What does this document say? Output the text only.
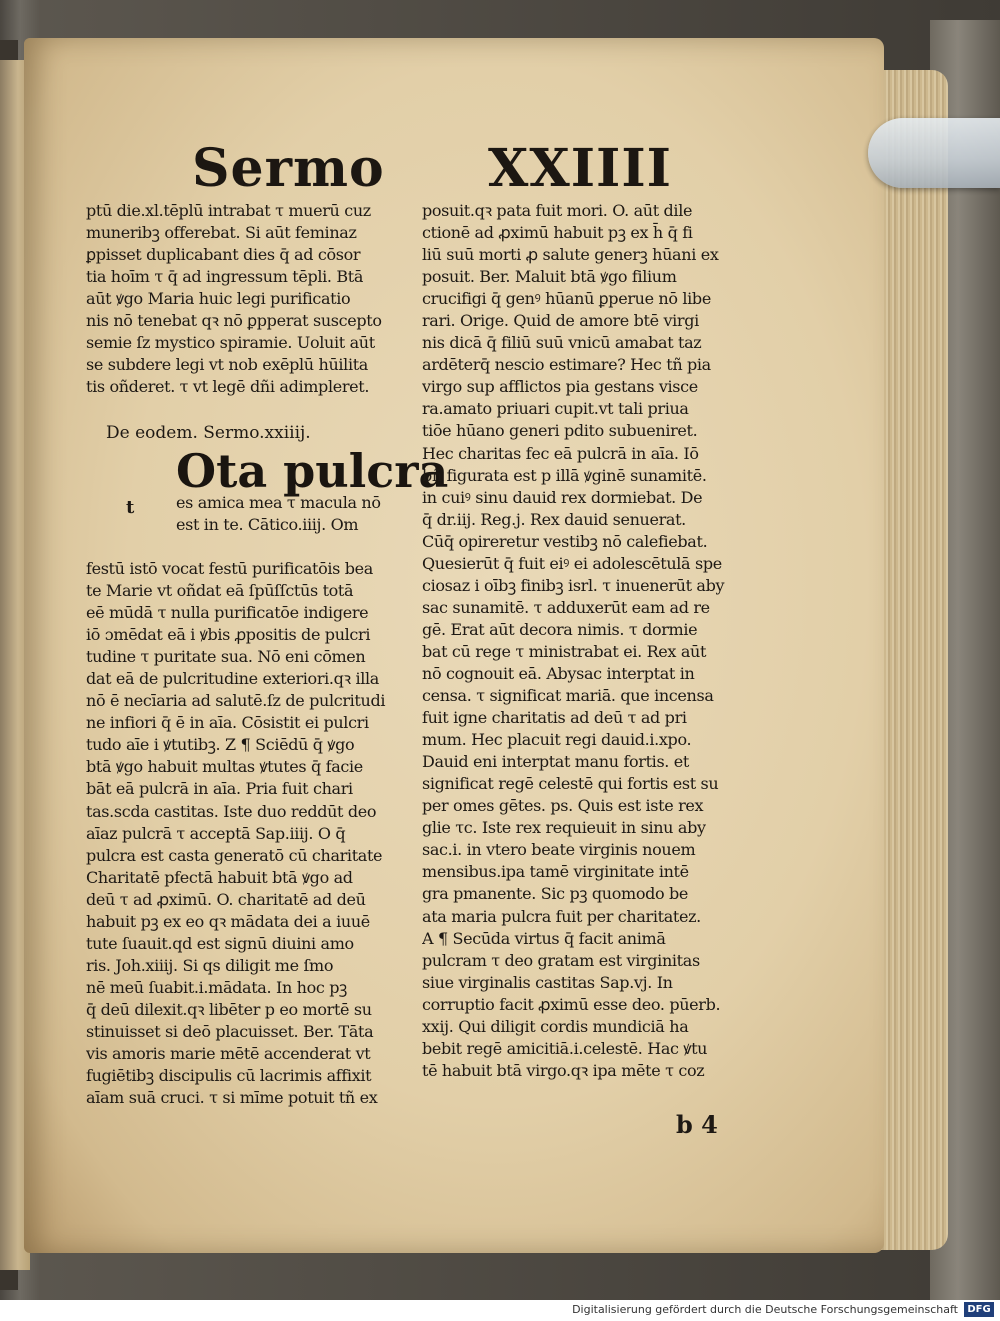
Sermo XXIIII
ptū die.xl.tēplū intrabat τ muerū cuz
muneribꝫ offerebat. Si aūt feminaz
ꝑpisset duplicabant dies q̄ ad cōsor
tia hoīm τ q̄ ad ingressum tēpli. Btā
aūt ꝟgo Maria huic legi purificatio
nis nō tenebat qꝛ nō ꝑpperat suscepto
semie ſz mystico spiramie. Uoluit aūt
se subdere legi vt nob exēplū hūilita
tis oñderet. τ vt legē dñi adimpleret.
De eodem. Sermo.xxiiij.
Ota pulcra
t	es amica mea τ macula nō
est in te. Cātico.iiij. Om
festū istō vocat festū purificatōis bea
te Marie vt oñdat eā ſpūſſctūs totā
eē mūdā τ nulla purificatōe indigere
iō ɔmēdat eā i ꝟbis ꝓpositis de pulcri
tudine τ puritate sua. Nō eni cōmen
dat eā de pulcritudine exteriori.qꝛ illa
nō ē necīaria ad salutē.ſz de pulcritudi
ne infiori q̄ ē in aīa. Cōsistit ei pulcri
tudo aīe i ꝟtutibꝫ. Z ¶ Sciēdū q̄ ꝟgo
btā ꝟgo habuit multas ꝟtutes q̄ facie
bāt eā pulcrā in aīa. Pria fuit chari
tas.scda castitas. Iste duo reddūt deo
aīaz pulcrā τ acceptā Sap.iiij. O q̄
pulcra est casta generatō cū charitate
Charitatē pfectā habuit btā ꝟgo ad
deū τ ad ꝓximū. O. charitatē ad deū
habuit pꝫ ex eo qꝛ mādata dei a iuuē
tute ſuauit.qd est signū diuini amo
ris. Joh.xiiij. Si qs diligit me ſmo
nē meū ſuabit.i.mādata. In hoc pꝫ
q̄ deū dilexit.qꝛ libēter p eo mortē su
stinuisset si deō placuisset. Ber. Tāta
vis amoris marie mētē accenderat vt
fugiētibꝫ discipulis cū lacrimis affixit
aīam suā cruci. τ si mīme potuit tñ ex
posuit.qꝛ pata fuit mori. O. aūt dile
ctionē ad ꝓximū habuit pꝫ ex h̄ q̄ fi
liū suū morti ꝓ salute generꝫ hūani ex
posuit. Ber. Maluit btā ꝟgo filium
crucifigi q̄ genꝰ hūanū ꝑperue nō libe
rari. Orige. Quid de amore btē virgi
nis dicā q̄ filiū suū vnicū amabat taz
ardēterq̄ nescio estimare? Hec tñ pia
virgo sup afflictos pia gestans visce
ra.amato priuari cupit.vt tali priua
tiōe hūano generi pdito subueniret.
Hec charitas fec eā pulcrā in aīa. Iō
bñ figurata est p illā ꝟginē sunamitē.
in cuiꝰ sinu dauid rex dormiebat. De
q̄ dr.iij. Reg.j. Rex dauid senuerat.
Cūq̄ opireretur vestibꝫ nō calefiebat.
Quesierūt q̄ fuit eiꝰ ei adolescētulā spe
ciosaz i oībꝫ finibꝫ isrl. τ inuenerūt aby
sac sunamitē. τ adduxerūt eam ad re
gē. Erat aūt decora nimis. τ dormie
bat cū rege τ ministrabat ei. Rex aūt
nō cognouit eā. Abysac interptat in
censa. τ significat mariā. que incensa
fuit igne charitatis ad deū τ ad pri
mum. Hec placuit regi dauid.i.xpo.
Dauid eni interptat manu fortis. et
significat regē celestē qui fortis est su
per omes gētes. ps. Quis est iste rex
glie τc. Iste rex requieuit in sinu aby
sac.i. in vtero beate virginis nouem
mensibus.ipa tamē virginitate intē
gra pmanente. Sic pꝫ quomodo be
ata maria pulcra fuit per charitatez.
A ¶ Secūda virtus q̄ facit animā
pulcram τ deo gratam est virginitas
siue virginalis castitas Sap.vj. In
corruptio facit ꝓximū esse deo. pūerb.
xxij. Qui diligit cordis mundiciā ha
bebit regē amicitiā.i.celestē. Hac ꝟtu
tē habuit btā virgo.qꝛ ipa mēte τ coz
b 4
Digitalisierung gefördert durch die Deutsche Forschungsgemeinschaft DFG
